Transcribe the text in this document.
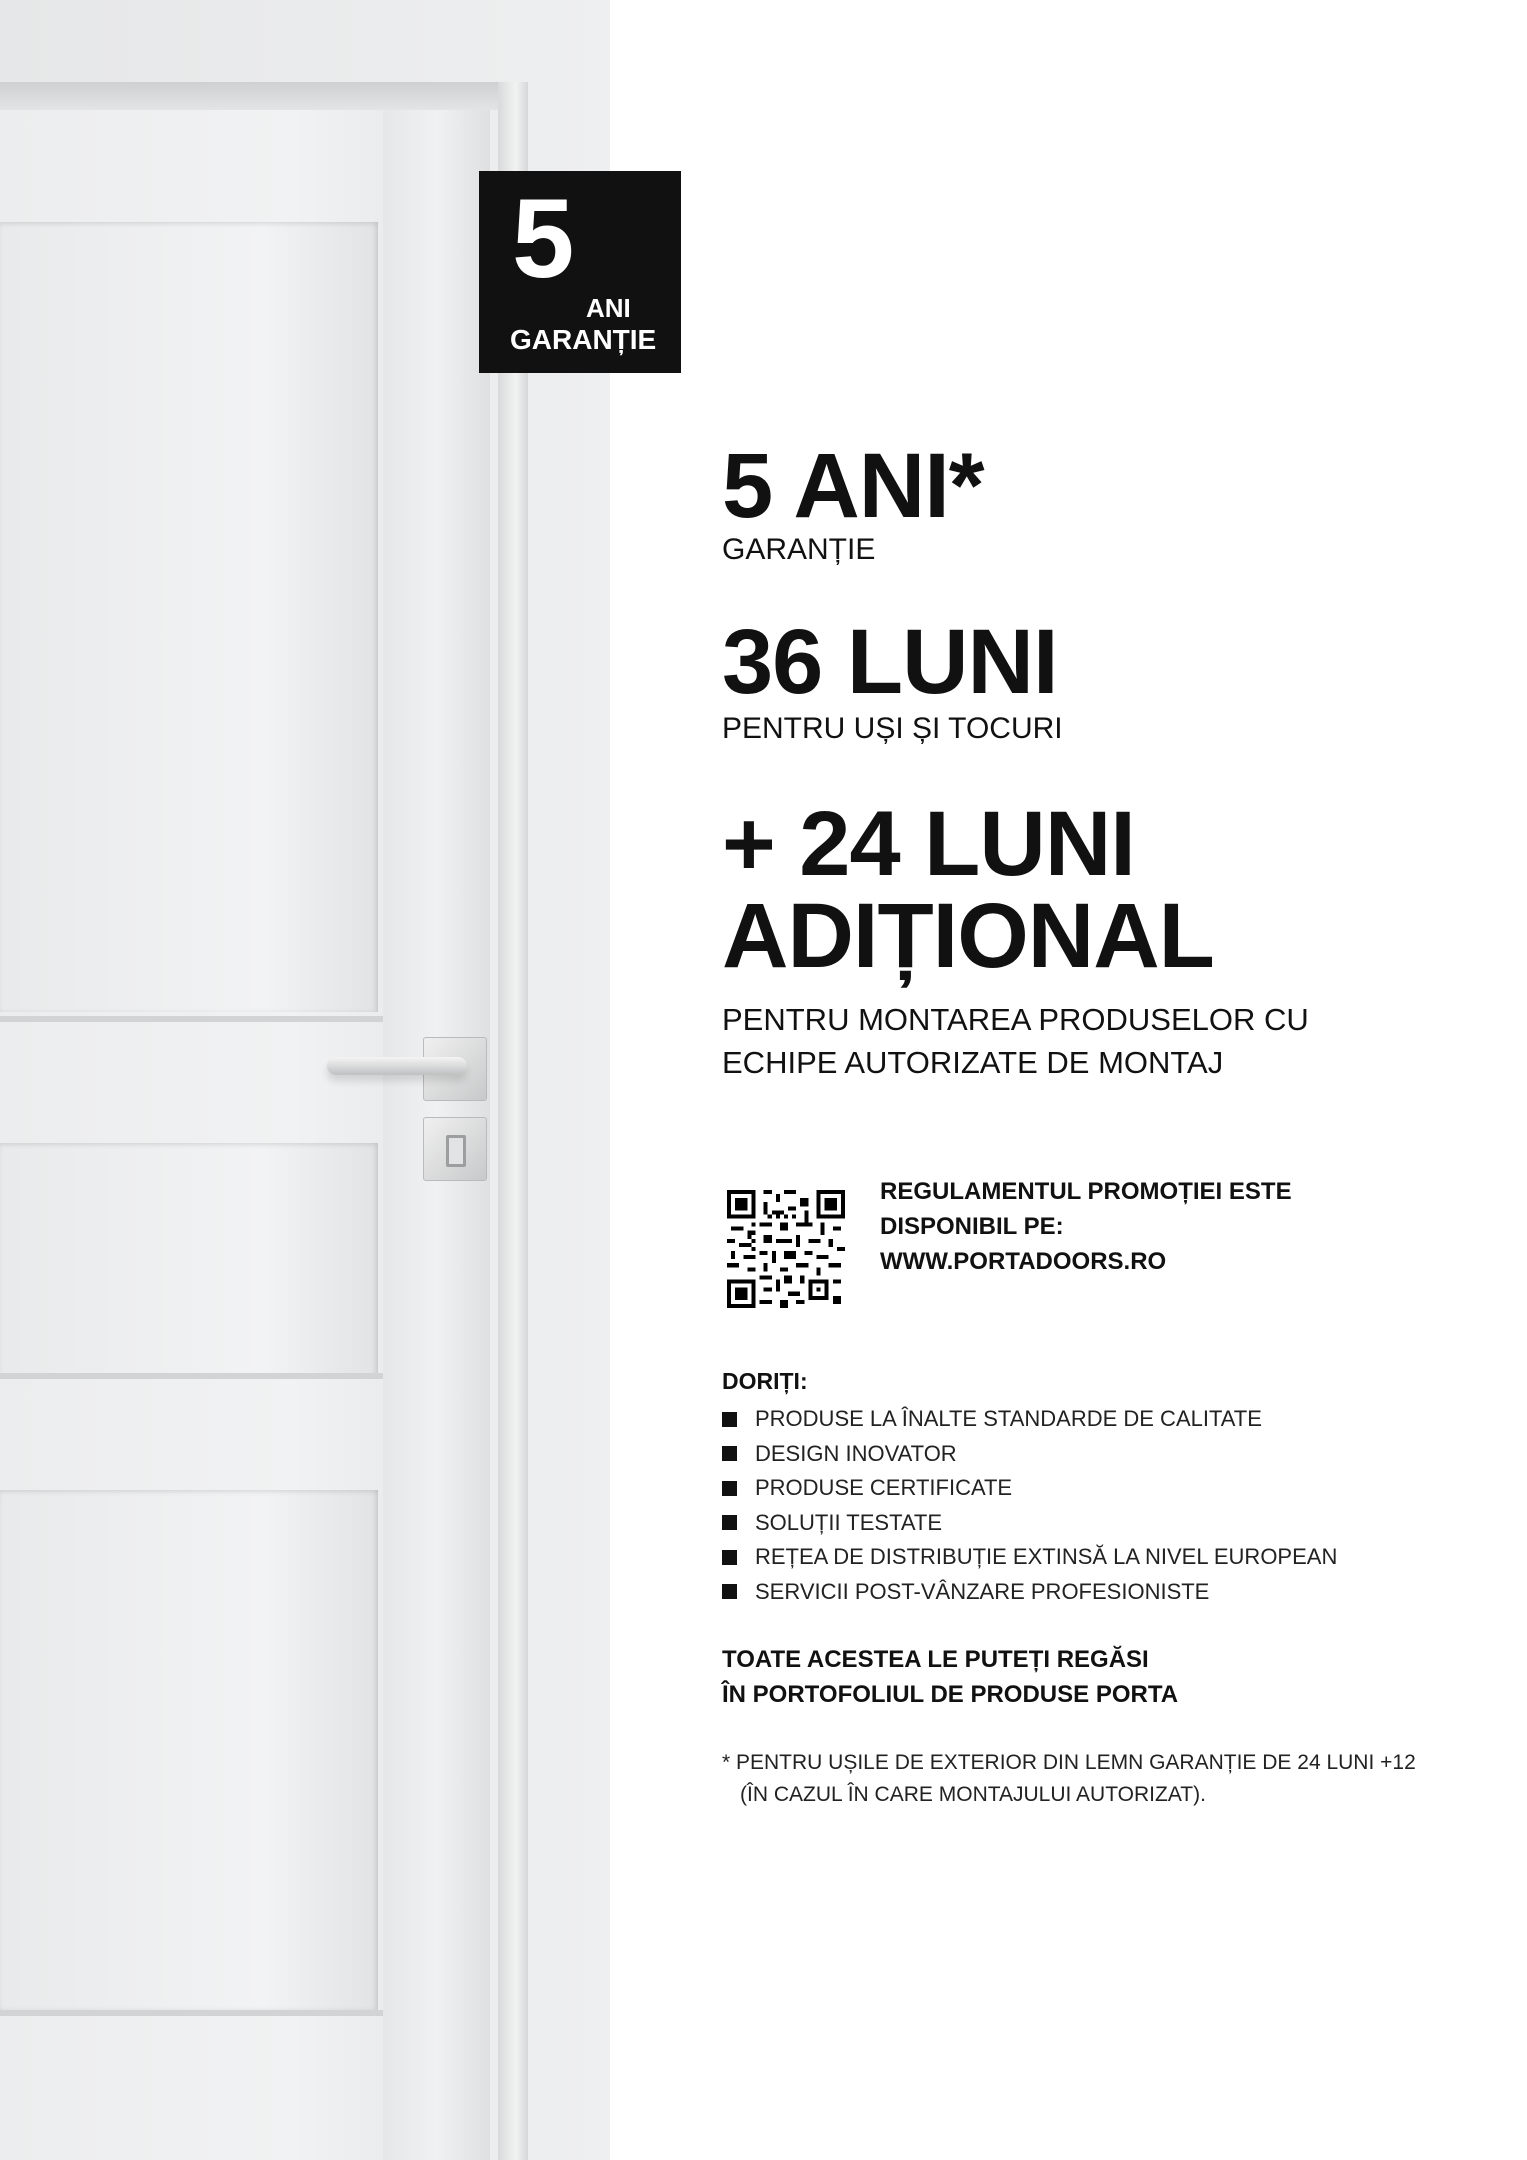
5
ANI
GARANȚIE

5 ANI*

GARANȚIE

36 LUNI

PENTRU UȘI ȘI TOCURI

+ 24 LUNI

ADIȚIONAL

PENTRU MONTAREA PRODUSELOR CU ECHIPE AUTORIZATE DE MONTAJ

REGULAMENTUL PROMOȚIEI ESTE
DISPONIBIL PE:
WWW.PORTADOORS.RO
DORIȚI:
PRODUSE LA ÎNALTE STANDARDE DE CALITATE
DESIGN INOVATOR
PRODUSE CERTIFICATE
SOLUȚII TESTATE
REȚEA DE DISTRIBUȚIE EXTINSĂ LA NIVEL EUROPEAN
SERVICII POST-VÂNZARE PROFESIONISTE
TOATE ACESTEA LE PUTEȚI REGĂSI
ÎN PORTOFOLIUL DE PRODUSE PORTA
* PENTRU UȘILE DE EXTERIOR DIN LEMN GARANȚIE DE 24 LUNI +12
(ÎN CAZUL ÎN CARE MONTAJULUI AUTORIZAT).
